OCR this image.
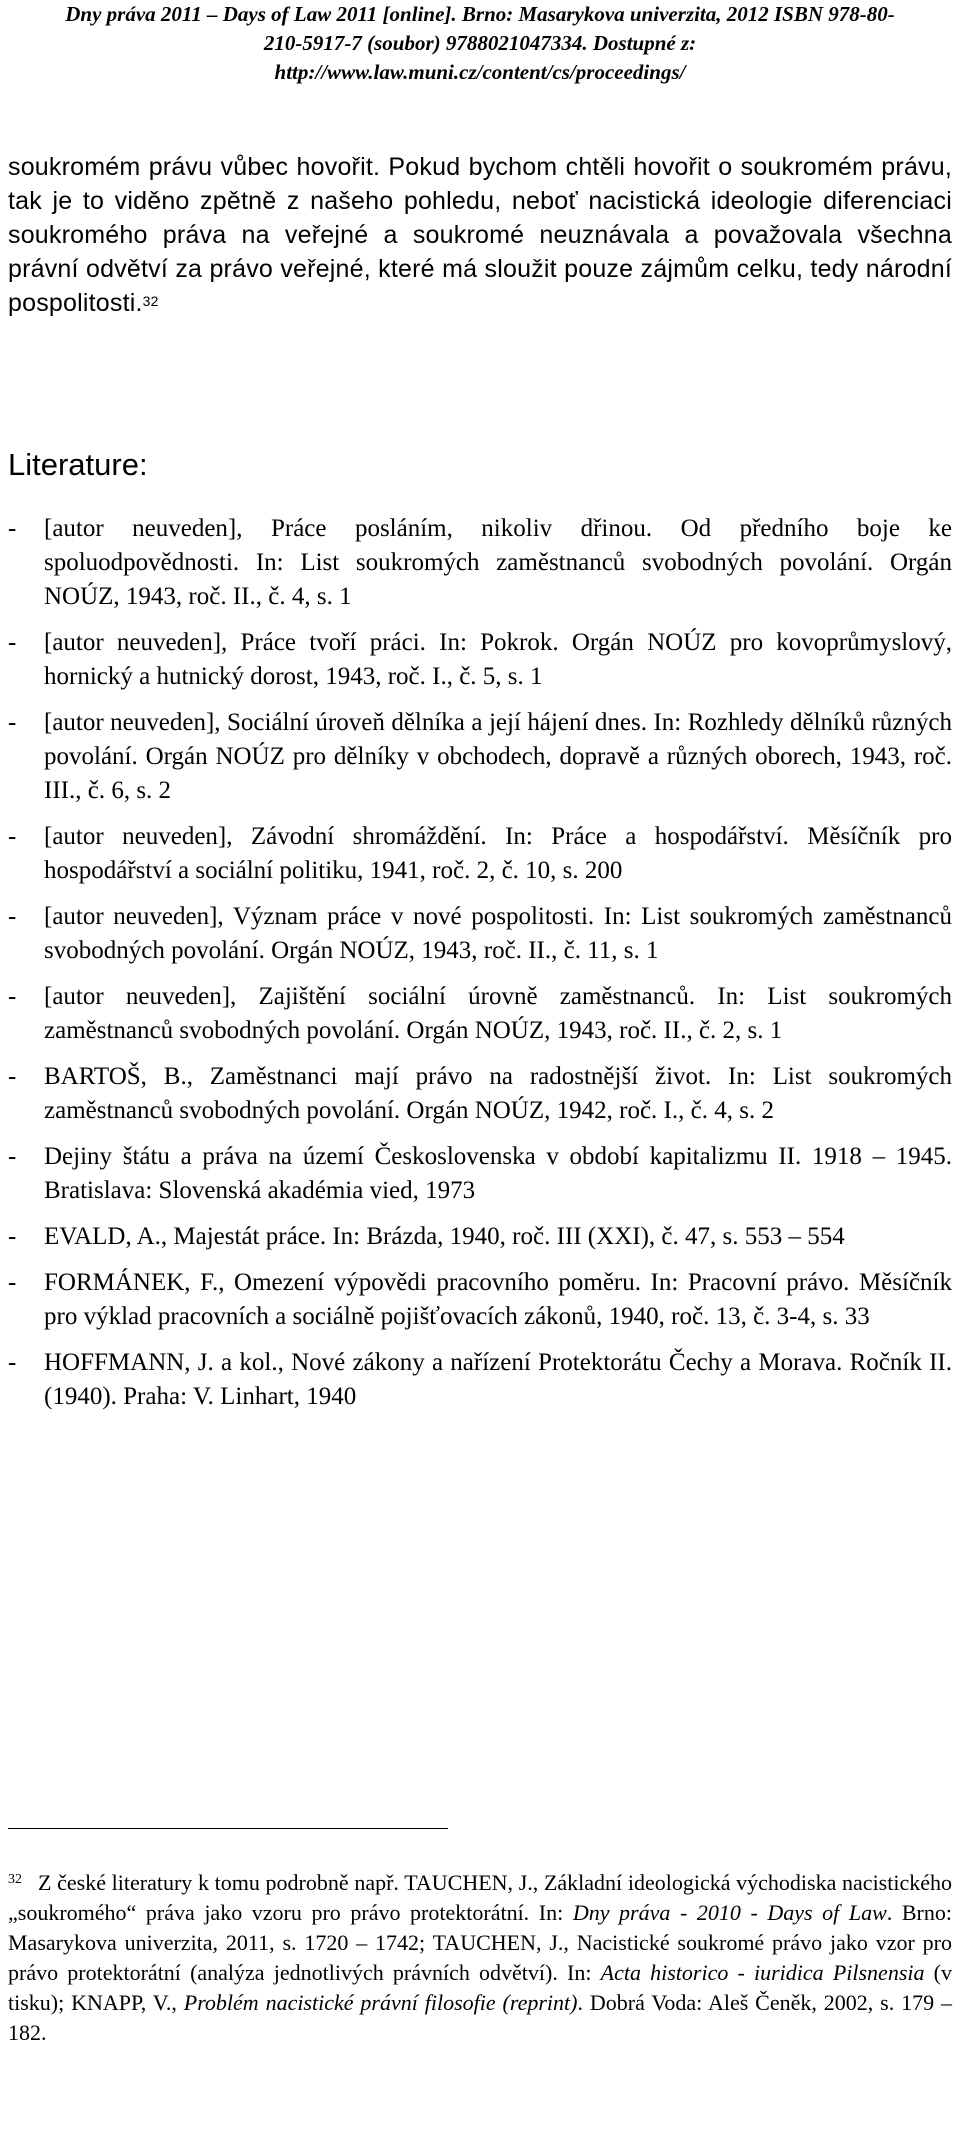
Dny práva 2011 – Days of Law 2011 [online]. Brno: Masarykova univerzita, 2012 ISBN 978-80-
210-5917-7 (soubor) 9788021047334. Dostupné z:
http://www.law.muni.cz/content/cs/proceedings/

soukromém právu vůbec hovořit. Pokud bychom chtěli hovořit o soukromém právu, tak je to viděno zpětně z našeho pohledu, neboť nacistická ideologie diferenciaci soukromého práva na veřejné a soukromé neuznávala a považovala všechna právní odvětví za právo veřejné, které má sloužit pouze zájmům celku, tedy národní pospolitosti.$^{32}$

Literature:
- [autor neuveden], Práce posláním, nikoliv dřinou. Od předního boje ke spoluodpovědnosti. In: List soukromých zaměstnanců svobodných povolání. Orgán NOÚZ, 1943, roč. II., č. 4, s. 1
- [autor neuveden], Práce tvoří práci. In: Pokrok. Orgán NOÚZ pro kovoprůmyslový, hornický a hutnický dorost, 1943, roč. I., č. 5, s. 1
- [autor neuveden], Sociální úroveň dělníka a její hájení dnes. In: Rozhledy dělníků různých povolání. Orgán NOÚZ pro dělníky v obchodech, dopravě a různých oborech, 1943, roč. III., č. 6, s. 2
- [autor neuveden], Závodní shromáždění. In: Práce a hospodářství. Měsíčník pro hospodářství a sociální politiku, 1941, roč. 2, č. 10, s. 200
- [autor neuveden], Význam práce v nové pospolitosti. In: List soukromých zaměstnanců svobodných povolání. Orgán NOÚZ, 1943, roč. II., č. 11, s. 1
- [autor neuveden], Zajištění sociální úrovně zaměstnanců. In: List soukromých zaměstnanců svobodných povolání. Orgán NOÚZ, 1943, roč. II., č. 2, s. 1
- BARTOŠ, B., Zaměstnanci mají právo na radostnější život. In: List soukromých zaměstnanců svobodných povolání. Orgán NOÚZ, 1942, roč. I., č. 4, s. 2
- Dejiny štátu a práva na území Československa v období kapitalizmu II. 1918 – 1945. Bratislava: Slovenská akadémia vied, 1973
- EVALD, A., Majestát práce. In: Brázda, 1940, roč. III (XXI), č. 47, s. 553 – 554
- FORMÁNEK, F., Omezení výpovědi pracovního poměru. In: Pracovní právo. Měsíčník pro výklad pracovních a sociálně pojišťovacích zákonů, 1940, roč. 13, č. 3-4, s. 33
- HOFFMANN, J. a kol., Nové zákony a nařízení Protektorátu Čechy a Morava. Ročník II. (1940). Praha: V. Linhart, 1940
$^{32}$ Z české literatury k tomu podrobně např. TAUCHEN, J., Základní ideologická východiska nacistického „soukromého“ práva jako vzoru pro právo protektorátní. In: Dny práva - 2010 - Days of Law. Brno: Masarykova univerzita, 2011, s. 1720 – 1742; TAUCHEN, J., Nacistické soukromé právo jako vzor pro právo protektorátní (analýza jednotlivých právních odvětví). In: Acta historico - iuridica Pilsnensia (v tisku); KNAPP, V., Problém nacistické právní filosofie (reprint). Dobrá Voda: Aleš Čeněk, 2002, s. 179 – 182.
